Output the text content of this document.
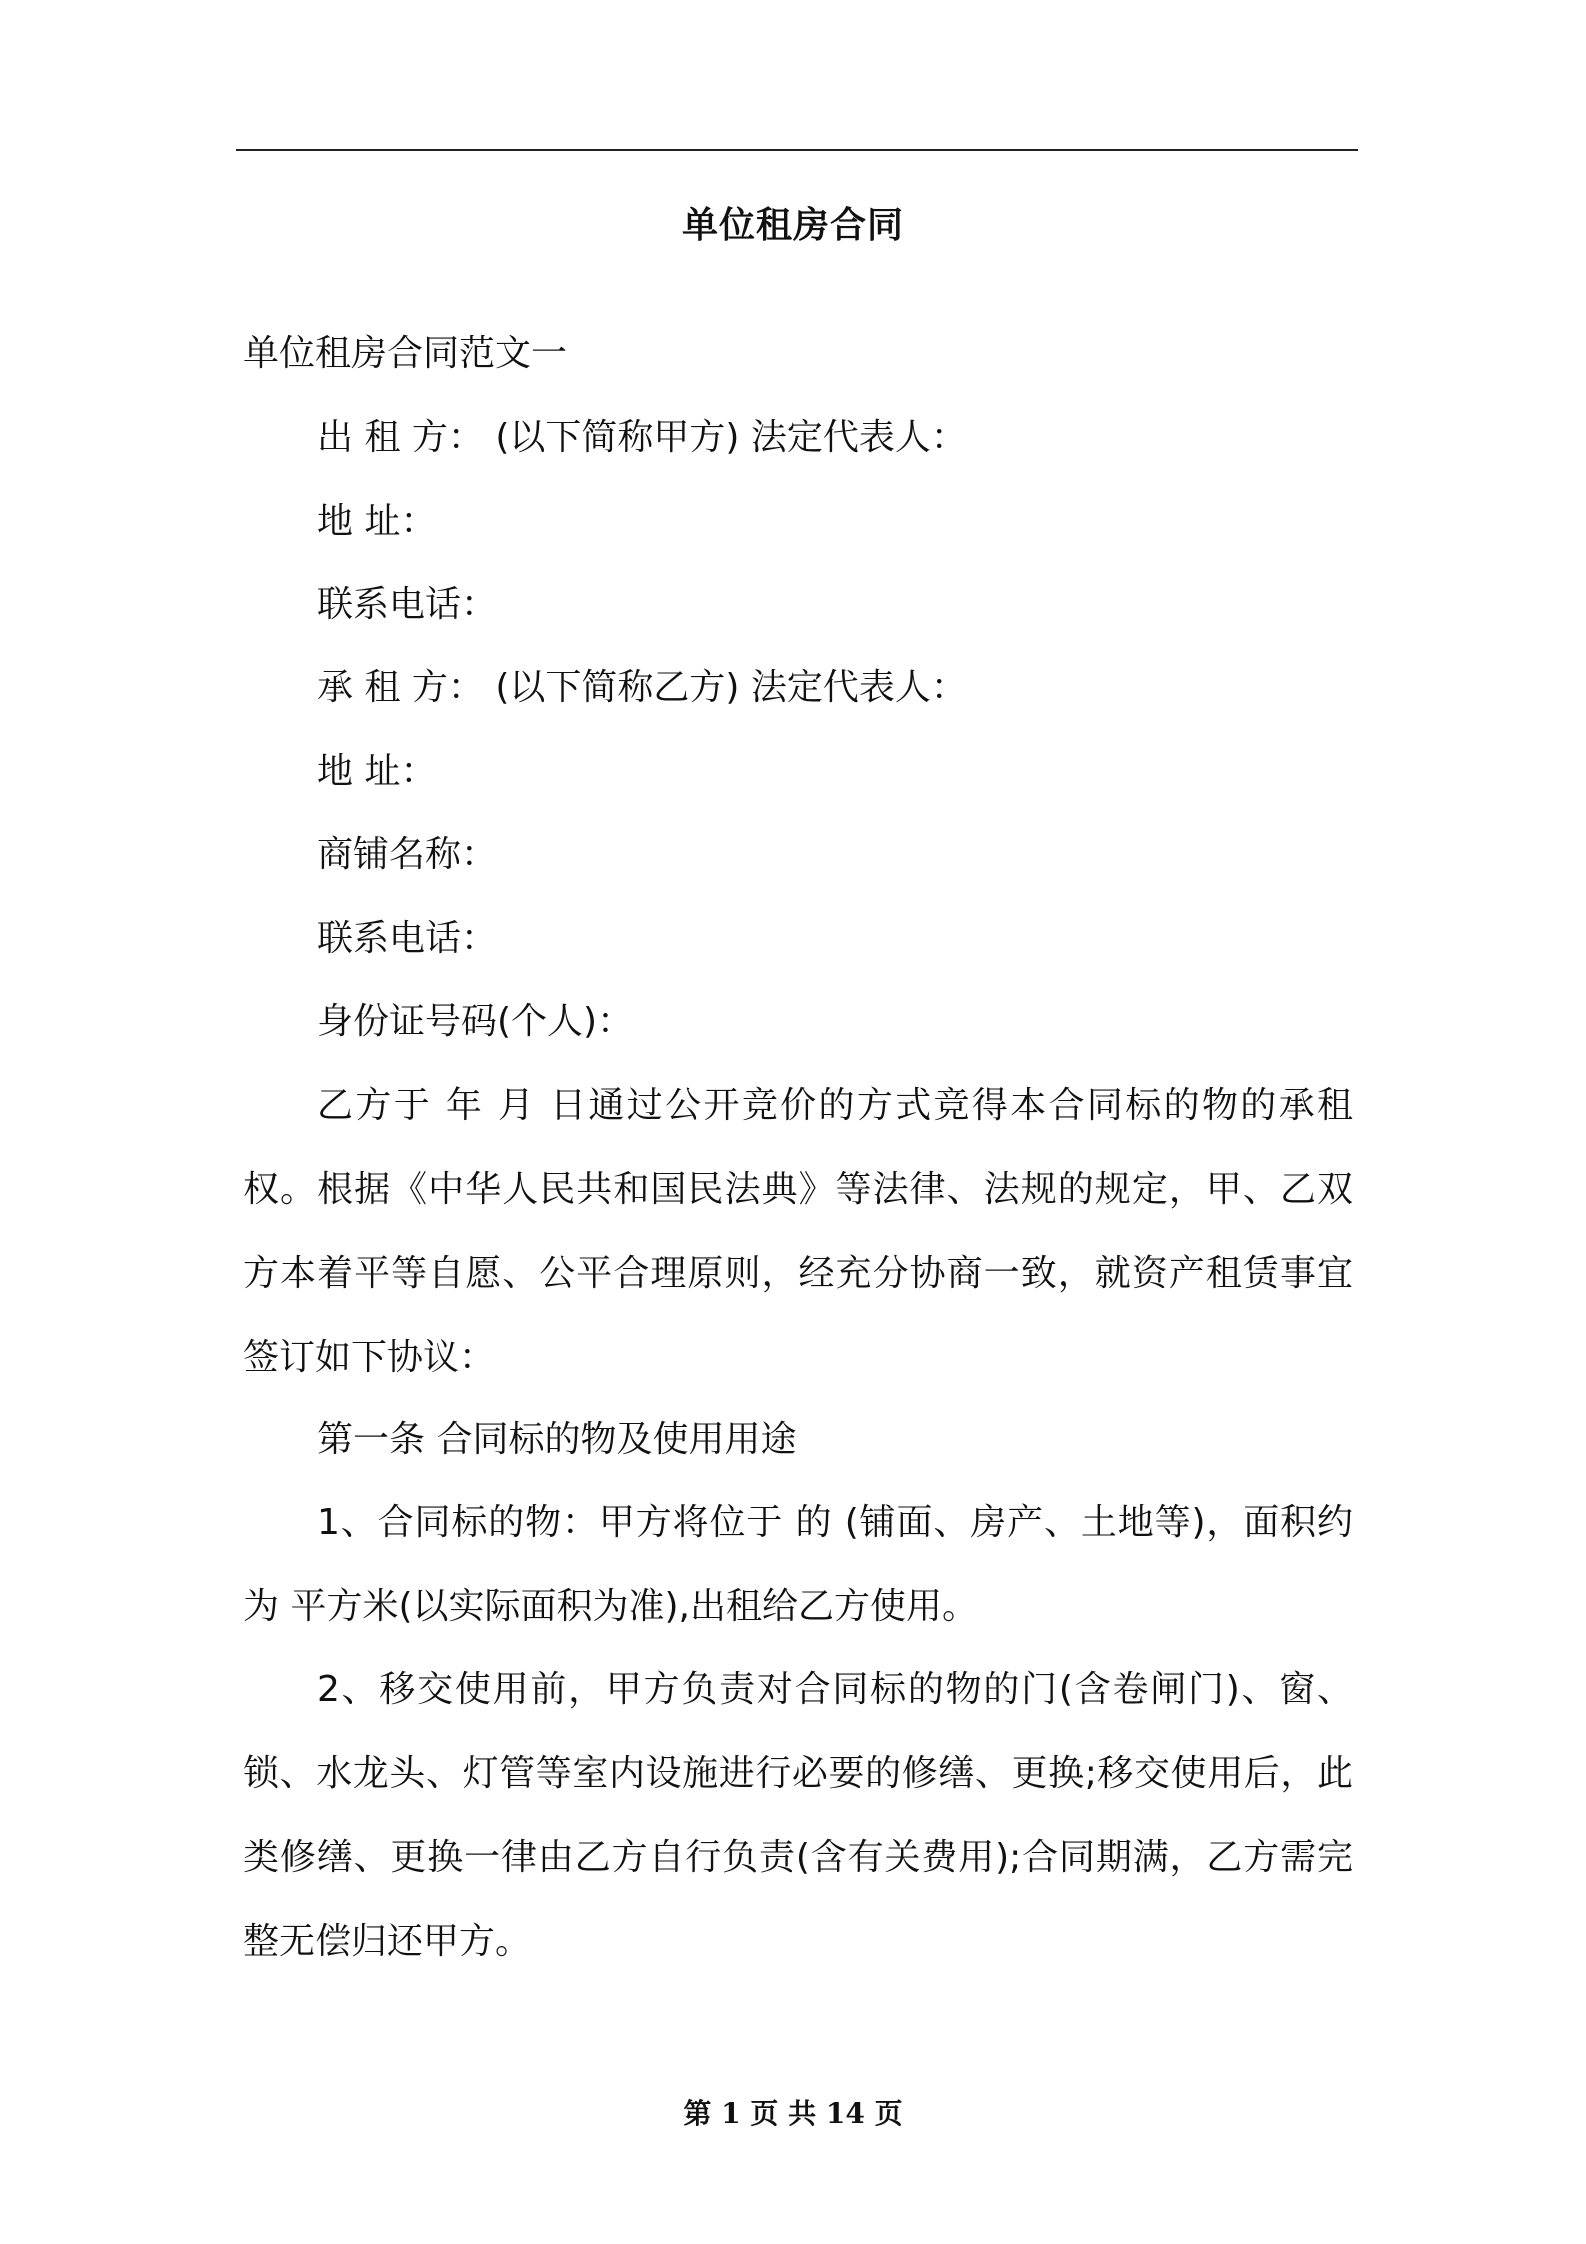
单位租房合同
单位租房合同范文一
出 租 方： (以下简称甲方) 法定代表人：
地 址：
联系电话：
承 租 方： (以下简称乙方) 法定代表人：
地 址：
商铺名称：
联系电话：
身份证号码(个人)：
乙方于 年 月 日通过公开竞价的方式竞得本合同标的物的承租权。根据《中华人民共和国民法典》等法律、法规的规定，甲、乙双方本着平等自愿、公平合理原则，经充分协商一致，就资产租赁事宜签订如下协议：
第一条 合同标的物及使用用途
1、合同标的物：甲方将位于 的 (铺面、房产、土地等)，面积约为 平方米(以实际面积为准),出租给乙方使用。
2、移交使用前，甲方负责对合同标的物的门(含卷闸门)、窗、锁、水龙头、灯管等室内设施进行必要的修缮、更换;移交使用后，此类修缮、更换一律由乙方自行负责(含有关费用);合同期满，乙方需完整无偿归还甲方。
第 1 页 共 14 页
